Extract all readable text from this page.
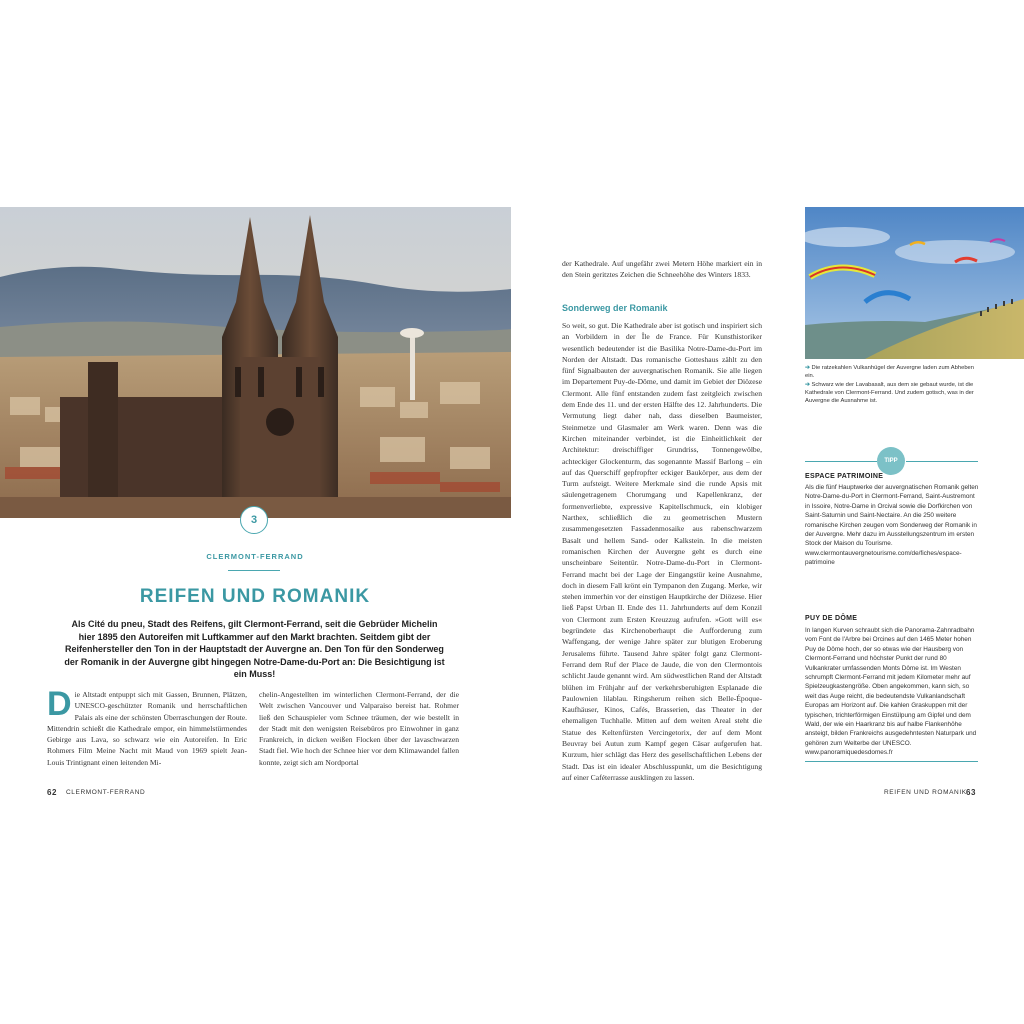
3
CLERMONT-FERRAND
REIFEN UND ROMANIK
Als Cité du pneu, Stadt des Reifens, gilt Clermont-Ferrand, seit die Gebrüder Michelin hier 1895 den Autoreifen mit Luftkammer auf den Markt brachten. Seitdem gibt der Reifenhersteller den Ton in der Hauptstadt der Auvergne an. Den Ton für den Sonderweg der Romanik in der Auvergne gibt hingegen Notre-Dame-du-Port an: Die Besichtigung ist ein Muss!
Die Altstadt entpuppt sich mit Gassen, Brunnen, Plätzen, UNESCO-geschützter Romanik und herrschaftlichen Palais als eine der schönsten Überraschungen der Route. Mittendrin schießt die Kathedrale empor, ein himmelstürmendes Gebirge aus Lava, so schwarz wie ein Autoreifen. In Eric Rohmers Film Meine Nacht mit Maud von 1969 spielt Jean-Louis Trintignant einen leitenden Mi-
chelin-Angestellten im winterlichen Clermont-Ferrand, der die Welt zwischen Vancouver und Valparaiso bereist hat. Rohmer ließ den Schauspieler vom Schnee träumen, der wie bestellt in der Stadt mit den wenigsten Reisebüros pro Einwohner in ganz Frankreich, in dicken weißen Flocken über der lavaschwarzen Stadt fiel. Wie hoch der Schnee hier vor dem Klimawandel fallen konnte, zeigt sich am Nordportal
62 CLERMONT-FERRAND
der Kathedrale. Auf ungefähr zwei Metern Höhe markiert ein in den Stein geritztes Zeichen die Schneehöhe des Winters 1833.
Sonderweg der Romanik
So weit, so gut. Die Kathedrale aber ist gotisch und inspiriert sich an Vorbildern in der Île de France. Für Kunsthistoriker wesentlich bedeutender ist die Basilika Notre-Dame-du-Port im Norden der Altstadt. Das romanische Gotteshaus zählt zu den fünf Signalbauten der auvergnatischen Romanik. Sie alle liegen im Departement Puy-de-Dôme, und damit im Gebiet der Diözese Clermont. Alle fünf entstanden zudem fast zeitgleich zwischen dem Ende des 11. und der ersten Hälfte des 12. Jahrhunderts. Die Vermutung liegt daher nah, dass dieselben Baumeister, Steinmetze und Glasmaler am Werk waren. Denn was die Kirchen miteinander verbindet, ist die Einheitlichkeit der Architektur: dreischiffiger Grundriss, Tonnengewölbe, achteckiger Glockenturm, das sogenannte Massif Barlong – ein auf das Querschiff gepfropfter eckiger Baukörper, aus dem der Turm aufsteigt. Weitere Merkmale sind die runde Apsis mit säulengetragenem Chorumgang und Kapellenkranz, der formenverliebte, expressive Kapitellschmuck, ein klobiger Narthex, schließlich die zu geometrischen Mustern zusammengesetzten Fassadenmosaike aus rabenschwarzem Basalt und hellem Sand- oder Kalkstein. In die meisten romanischen Kirchen der Auvergne geht es durch eine unscheinbare Seitentür. Notre-Dame-du-Port in Clermont-Ferrand macht bei der Lage der Eingangstür keine Ausnahme, doch in diesem Fall krönt ein Tympanon den Zugang. Merke, wir stehen immerhin vor der einstigen Hauptkirche der Diözese. Hier ließ Papst Urban II. Ende des 11. Jahrhunderts auf dem Konzil von Clermont zum Ersten Kreuzzug aufrufen. »Gott will es« begründete das Kirchenoberhaupt die Aufforderung zum Waffengang, der wenige Jahre später zur blutigen Eroberung Jerusalems führte. Tausend Jahre später folgt ganz Clermont-Ferrand dem Ruf der Place de Jaude, die von den Clermontois schlicht Jaude genannt wird. Am südwestlichen Rand der Altstadt blühen im Frühjahr auf der verkehrsberuhigten Esplanade die Paulownien lilablau. Ringsherum reihen sich Belle-Époque-Kaufhäuser, Kinos, Cafés, Brasserien, das Theater in der ehemaligen Tuchhalle. Mitten auf dem weiten Areal steht die Statue des Keltenfürsten Vercingetorix, der auf dem Mont Beuvray bei Autun zum Kampf gegen Cäsar aufgerufen hat. Kurzum, hier schlägt das Herz des gesellschaftlichen Lebens der Stadt. Das ist ein idealer Abschlusspunkt, um die Besichtigung auf einer Caféterrasse ausklingen zu lassen.
➔ Die ratzekahlen Vulkanhügel der Auvergne laden zum Abheben ein.
➔ Schwarz wie der Lavabasalt, aus dem sie gebaut wurde, ist die Kathedrale von Clermont-Ferrand. Und zudem gotisch, was in der Auvergne die Ausnahme ist.
TIPP
ESPACE PATRIMOINE
Als die fünf Hauptwerke der auvergnatischen Romanik gelten Notre-Dame-du-Port in Clermont-Ferrand, Saint-Austremont in Issoire, Notre-Dame in Orcival sowie die Dorfkirchen von Saint-Saturnin und Saint-Nectaire. An die 250 weitere romanische Kirchen zeugen vom Sonderweg der Romanik in der Auvergne. Mehr dazu im Ausstellungszentrum im ersten Stock der Maison du Tourisme.
www.clermontauvergnetourisme.com/de/fiches/espace-patrimoine
PUY DE DÔME
In langen Kurven schraubt sich die Panorama-Zahnradbahn vom Font de l'Arbre bei Orcines auf den 1465 Meter hohen Puy de Dôme hoch, der so etwas wie der Hausberg von Clermont-Ferrand und höchster Punkt der rund 80 Vulkankrater umfassenden Monts Dôme ist. Im Westen schrumpft Clermont-Ferrand mit jedem Kilometer mehr auf Spielzeugkastengröße. Oben angekommen, kann sich, so weit das Auge reicht, die bedeutendste Vulkanlandschaft Europas am Horizont auf. Die kahlen Graskuppen mit der typischen, trichterförmigen Einstülpung am Gipfel und dem Wald, der wie ein Haarkranz bis auf halbe Flankenhöhe ansteigt, bilden Frankreichs ausgedehntesten Naturpark und gehören zum Welterbe der UNESCO.
www.panoramiquedesdomes.fr
REIFEN UND ROMANIK 63
